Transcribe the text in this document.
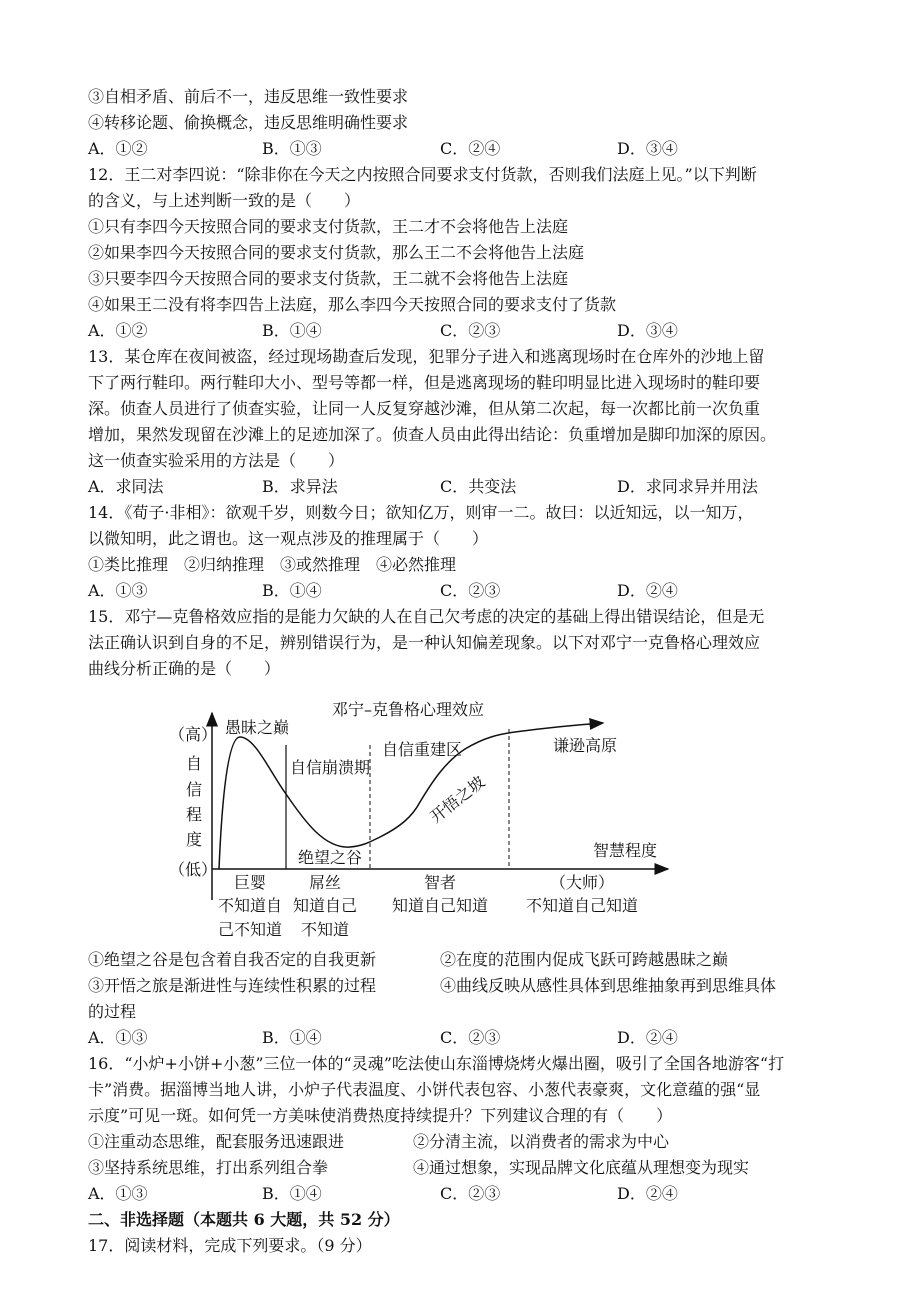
③自相矛盾、前后不一，违反思维一致性要求
④转移论题、偷换概念，违反思维明确性要求
A．①②	B．①③	C．②④	D．③④
12．王二对李四说：“除非你在今天之内按照合同要求支付货款，否则我们法庭上见。”以下判断
的含义，与上述判断一致的是（　　）
①只有李四今天按照合同的要求支付货款，王二才不会将他告上法庭
②如果李四今天按照合同的要求支付货款，那么王二不会将他告上法庭
③只要李四今天按照合同的要求支付货款，王二就不会将他告上法庭
④如果王二没有将李四告上法庭，那么李四今天按照合同的要求支付了货款
A．①②	B．①④	C．②③	D．③④
13．某仓库在夜间被盗，经过现场勘查后发现，犯罪分子进入和逃离现场时在仓库外的沙地上留
下了两行鞋印。两行鞋印大小、型号等都一样，但是逃离现场的鞋印明显比进入现场时的鞋印要
深。侦查人员进行了侦查实验，让同一人反复穿越沙滩，但从第二次起，每一次都比前一次负重
增加，果然发现留在沙滩上的足迹加深了。侦查人员由此得出结论：负重增加是脚印加深的原因。
这一侦查实验采用的方法是（　　）
A．求同法	B．求异法	C．共变法	D．求同求异并用法
14．《荀子·非相》：欲观千岁，则数今日；欲知亿万，则审一二。故曰：以近知远，以一知万，
以微知明，此之谓也。这一观点涉及的推理属于（　　）
①类比推理　②归纳推理　③或然推理　④必然推理
A．①③	B．①④	C．②③	D．②④
15．邓宁—克鲁格效应指的是能力欠缺的人在自己欠考虑的决定的基础上得出错误结论，但是无
法正确认识到自身的不足，辨别错误行为，是一种认知偏差现象。以下对邓宁一克鲁格心理效应
曲线分析正确的是（　　）
邓宁–克鲁格心理效应
（高）
（低）
自
信
程
度
智慧程度
愚昧之巅
自信崩溃期
自信重建区	谦逊高原
开悟之坡
绝望之谷
巨婴	屌丝	智者	（大师）
不知道自 知道自己 知道自己知道 不知道自己知道
己不知道 不知道
①绝望之谷是包含着自我否定的自我更新	②在度的范围内促成飞跃可跨越愚昧之巅
③开悟之旅是渐进性与连续性积累的过程	④曲线反映从感性具体到思维抽象再到思维具体
的过程
A．①③	B．①④	C．②③	D．②④
16．“小炉+小饼+小葱”三位一体的“灵魂”吃法使山东淄博烧烤火爆出圈，吸引了全国各地游客“打
卡”消费。据淄博当地人讲，小炉子代表温度、小饼代表包容、小葱代表豪爽，文化意蕴的强“显
示度”可见一斑。如何凭一方美味使消费热度持续提升？下列建议合理的有（　　）
①注重动态思维，配套服务迅速跟进	②分清主流，以消费者的需求为中心
③坚持系统思维，打出系列组合拳	④通过想象，实现品牌文化底蕴从理想变为现实
A．①③	B．①④	C．②③	D．②④
二、非选择题（本题共 6 大题，共 52 分）
17．阅读材料，完成下列要求。（9 分）
